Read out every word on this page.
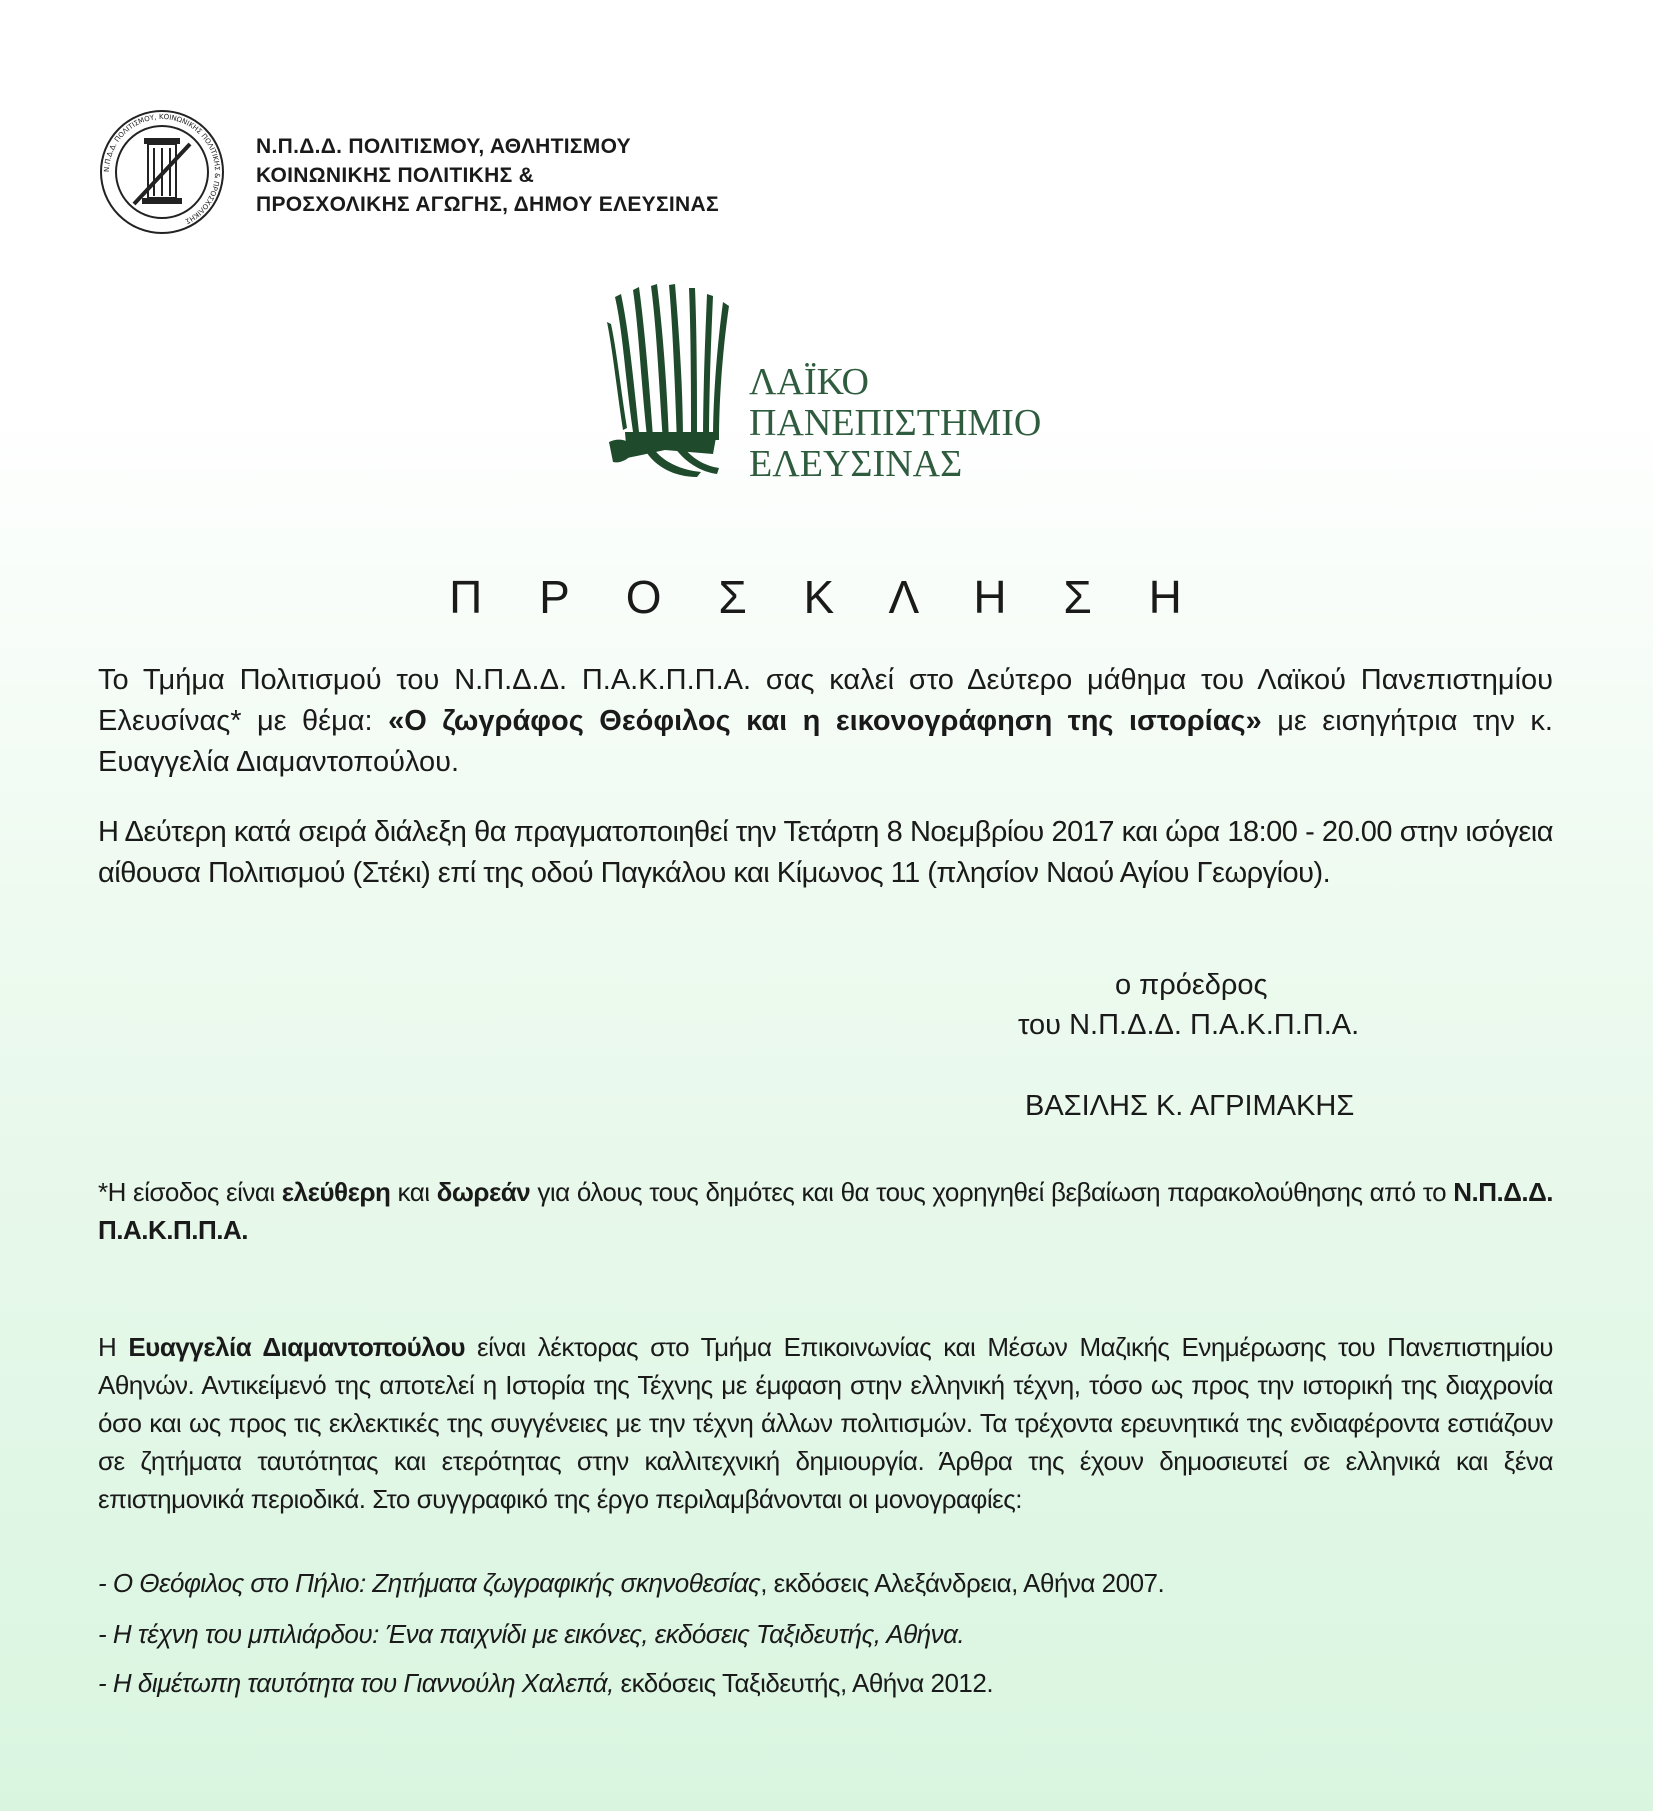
Ν.Π.Δ.Δ. ΠΟΛΙΤΙΣΜΟΥ, ΚΟΙΝΩΝΙΚΗΣ ΠΟΛΙΤΙΚΗΣ & ΠΡΟΣΧΟΛΙΚΗΣ
Ν.Π.Δ.Δ. ΠΟΛΙΤΙΣΜΟΥ, ΑΘΛΗΤΙΣΜΟΥ
ΚΟΙΝΩΝΙΚΗΣ ΠΟΛΙΤΙΚΗΣ &
ΠΡΟΣΧΟΛΙΚΗΣ ΑΓΩΓΗΣ, ΔΗΜΟΥ ΕΛΕΥΣΙΝΑΣ
ΛΑΪΚΟ
ΠΑΝΕΠΙΣΤΗΜΙΟ
ΕΛΕΥΣΙΝΑΣ
Π Ρ Ο Σ Κ Λ Η Σ Η
Το Τμήμα Πολιτισμού του Ν.Π.Δ.Δ. Π.Α.Κ.Π.Π.Α. σας καλεί στο Δεύτερο μάθημα του Λαϊκού Πανεπιστημίου Ελευσίνας* με θέμα: «Ο ζωγράφος Θεόφιλος και η εικονογράφηση της ιστορίας» με εισηγήτρια την κ. Ευαγγελία Διαμαντοπούλου.
Η Δεύτερη κατά σειρά διάλεξη θα πραγματοποιηθεί την Τετάρτη 8 Νοεμβρίου 2017 και ώρα 18:00 - 20.00 στην ισόγεια αίθουσα Πολιτισμού (Στέκι) επί της οδού Παγκάλου και Κίμωνος 11 (πλησίον Ναού Αγίου Γεωργίου).
ο πρόεδρος
του Ν.Π.Δ.Δ. Π.Α.Κ.Π.Π.Α.
ΒΑΣΙΛΗΣ Κ. ΑΓΡΙΜΑΚΗΣ
*Η είσοδος είναι ελεύθερη και δωρεάν για όλους τους δημότες και θα τους χορηγηθεί βεβαίωση παρακολούθησης από το Ν.Π.Δ.Δ. Π.Α.Κ.Π.Π.Α.
Η Ευαγγελία Διαμαντοπούλου είναι λέκτορας στο Τμήμα Επικοινωνίας και Μέσων Μαζικής Ενημέρωσης του Πανεπιστημίου Αθηνών. Αντικείμενό της αποτελεί η Ιστορία της Τέχνης με έμφαση στην ελληνική τέχνη, τόσο ως προς την ιστορική της διαχρονία όσο και ως προς τις εκλεκτικές της συγγένειες με την τέχνη άλλων πολιτισμών. Τα τρέχοντα ερευνητικά της ενδιαφέροντα εστιάζουν σε ζητήματα ταυτότητας και ετερότητας στην καλλιτεχνική δημιουργία. Άρθρα της έχουν δημοσιευτεί σε ελληνικά και ξένα επιστημονικά περιοδικά. Στο συγγραφικό της έργο περιλαμβάνονται οι μονογραφίες:
- Ο Θεόφιλος στο Πήλιο: Ζητήματα ζωγραφικής σκηνοθεσίας, εκδόσεις Αλεξάνδρεια, Αθήνα 2007.
- Η τέχνη του μπιλιάρδου: Ένα παιχνίδι με εικόνες, εκδόσεις Ταξιδευτής, Αθήνα.
- Η διμέτωπη ταυτότητα του Γιαννούλη Χαλεπά, εκδόσεις Ταξιδευτής, Αθήνα 2012.
